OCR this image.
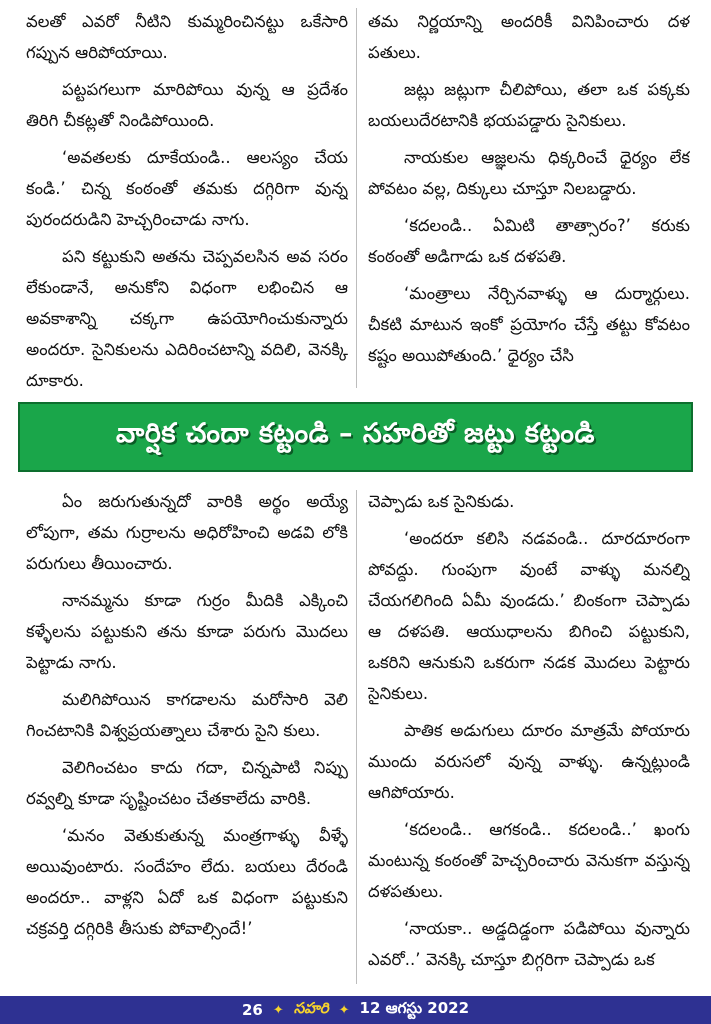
వలతో ఎవరో నీటిని కుమ్మరించినట్టు ఒకేసారి గప్పున ఆరిపోయాయి.

పట్టపగలుగా మారిపోయి వున్న ఆ ప్రదేశం తిరిగి చీకట్లతో నిండిపోయింది.

‘అవతలకు దూకేయండి.. ఆలస్యం చేయ కండి.’ చిన్న కంఠంతో తమకు దగ్గిరిగా వున్న పురందరుడిని హెచ్చరించాడు నాగు.

పని కట్టుకుని అతను చెప్పవలసిన అవ సరం లేకుండానే, అనుకోని విధంగా లభించిన ఆ అవకాశాన్ని చక్కగా ఉపయోగించుకున్నారు అందరూ. సైనికులను ఎదిరించటాన్ని వదిలి, వెనక్కి దూకారు.

తమ నిర్ణయాన్ని అందరికీ వినిపించారు దళ పతులు.

జట్లు జట్లుగా చీలిపోయి, తలా ఒక పక్కకు బయలుదేరటానికి భయపడ్డారు సైనికులు.

నాయకుల ఆజ్ఞలను ధిక్కరించే ధైర్యం లేక పోవటం వల్ల, దిక్కులు చూస్తూ నిలబడ్డారు.

‘కదలండి.. ఏమిటి తాత్సారం?’ కరుకు కంఠంతో అడిగాడు ఒక దళపతి.

‘మంత్రాలు నేర్చినవాళ్ళు ఆ దుర్మార్గులు. చీకటి మాటున ఇంకో ప్రయోగం చేస్తే తట్టు కోవటం కష్టం అయిపోతుంది.’ ధైర్యం చేసి

వార్షిక చందా కట్టండి – సహరితో జట్టు కట్టండి

ఏం జరుగుతున్నదో వారికి అర్థం అయ్యే లోపుగా, తమ గుర్రాలను అధిరోహించి అడవి లోకి పరుగులు తీయించారు.

నానమ్మను కూడా గుర్రం మీదికి ఎక్కించి కళ్ళేలను పట్టుకుని తను కూడా పరుగు మొదలు పెట్టాడు నాగు.

మలిగిపోయిన కాగడాలను మరోసారి వెలి గించటానికి విశ్వప్రయత్నాలు చేశారు సైని కులు.

వెలిగించటం కాదు గదా, చిన్నపాటి నిప్పు రవ్వల్ని కూడా సృష్టించటం చేతకాలేదు వారికి.

‘మనం వెతుకుతున్న మంత్రగాళ్ళు వీళ్ళే అయివుంటారు. సందేహం లేదు. బయలు దేరండి అందరూ.. వాళ్లని ఏదో ఒక విధంగా పట్టుకుని చక్రవర్తి దగ్గిరికి తీసుకు పోవాల్సిందే!’

చెప్పాడు ఒక సైనికుడు.

‘అందరూ కలిసి నడవండి.. దూరదూరంగా పోవద్దు. గుంపుగా వుంటే వాళ్ళు మనల్ని చేయగలిగింది ఏమీ వుండదు.’ బింకంగా చెప్పాడు ఆ దళపతి. ఆయుధాలను బిగించి పట్టుకుని, ఒకరిని ఆనుకుని ఒకరుగా నడక మొదలు పెట్టారు సైనికులు.

పాతిక అడుగులు దూరం మాత్రమే పోయారు ముందు వరుసలో వున్న వాళ్ళు. ఉన్నట్లుండి ఆగిపోయారు.

‘కదలండి.. ఆగకండి.. కదలండి..’ ఖంగు మంటున్న కంఠంతో హెచ్చరించారు వెనుకగా వస్తున్న దళపతులు.

‘నాయకా.. అడ్డదిడ్డంగా పడిపోయి వున్నారు ఎవరో..’ వెనక్కి చూస్తూ బిగ్గరిగా చెప్పాడు ఒక

26 ✦ సహరి ✦ 12 ఆగస్టు 2022
